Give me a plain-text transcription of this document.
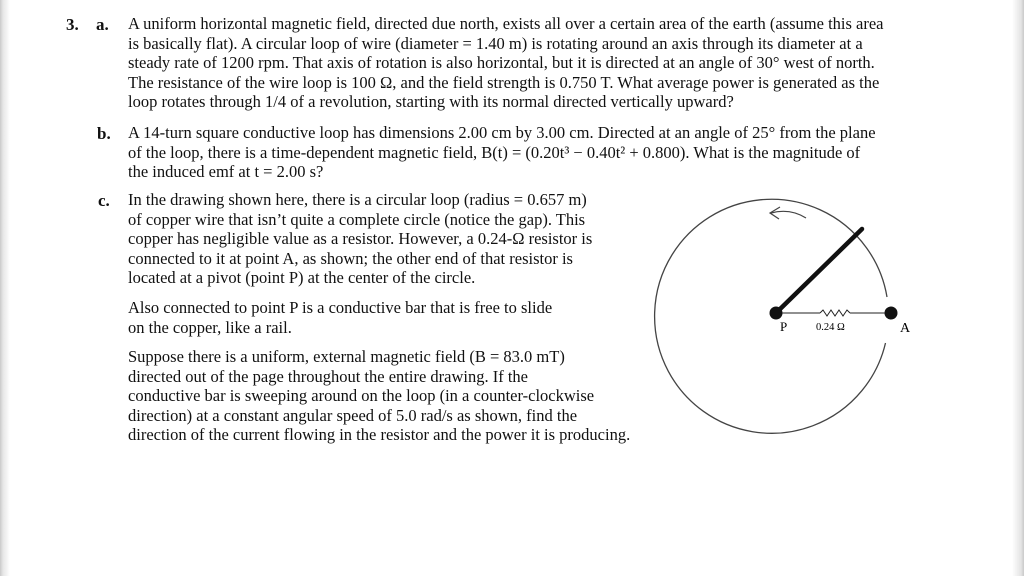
3. a. A uniform horizontal magnetic field, directed due north, exists all over a certain area of the earth (assume this area
is basically flat). A circular loop of wire (diameter = 1.40 m) is rotating around an axis through its diameter at a
steady rate of 1200 rpm. That axis of rotation is also horizontal, but it is directed at an angle of 30° west of north.
The resistance of the wire loop is 100 Ω, and the field strength is 0.750 T. What average power is generated as the
loop rotates through 1/4 of a revolution, starting with its normal directed vertically upward?
b. A 14-turn square conductive loop has dimensions 2.00 cm by 3.00 cm. Directed at an angle of 25° from the plane
of the loop, there is a time-dependent magnetic field, B(t) = (0.20t³ − 0.40t² + 0.800). What is the magnitude of
the induced emf at t = 2.00 s?
c. In the drawing shown here, there is a circular loop (radius = 0.657 m)
of copper wire that isn’t quite a complete circle (notice the gap). This
copper has negligible value as a resistor. However, a 0.24-Ω resistor is
connected to it at point A, as shown; the other end of that resistor is
located at a pivot (point P) at the center of the circle.
Also connected to point P is a conductive bar that is free to slide
on the copper, like a rail.
Suppose there is a uniform, external magnetic field (B = 83.0 mT)
directed out of the page throughout the entire drawing. If the
conductive bar is sweeping around on the loop (in a counter-clockwise
direction) at a constant angular speed of 5.0 rad/s as shown, find the
direction of the current flowing in the resistor and the power it is producing.
P	A
0.24 Ω
